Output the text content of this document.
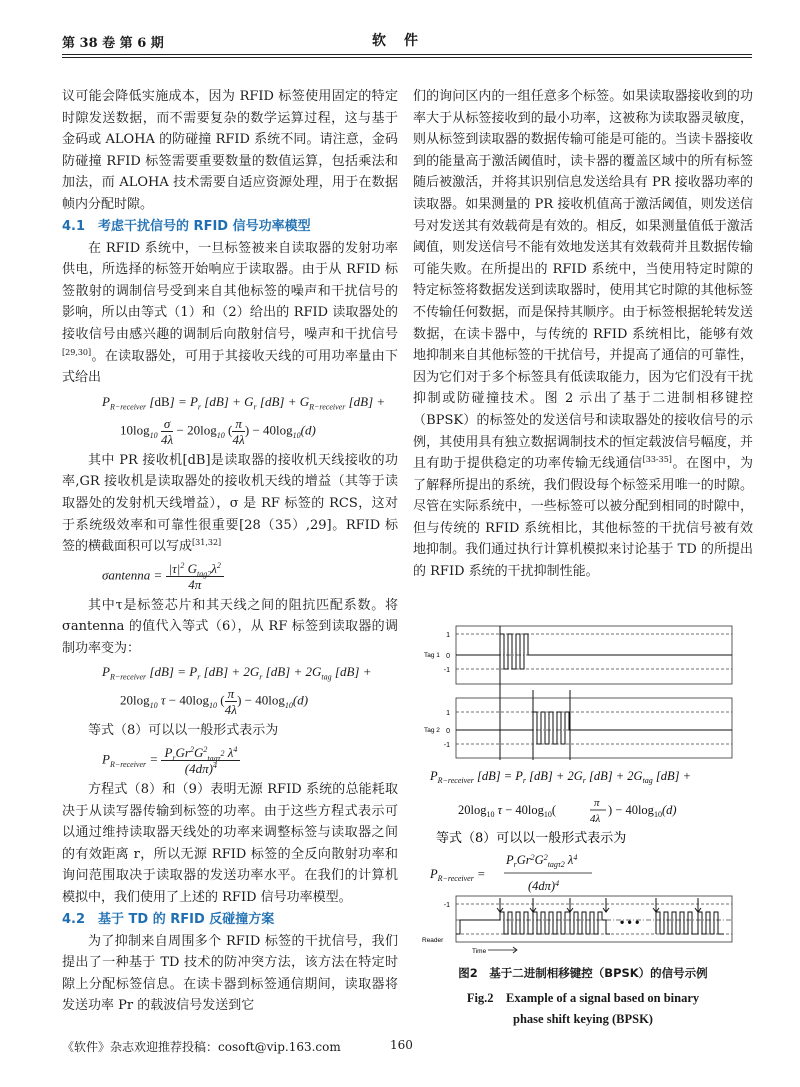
第 38 卷 第 6 期	软件

议可能会降低实施成本，因为 RFID 标签使用固定的特定时隙发送数据，而不需要复杂的数学运算过程，这与基于金码或 ALOHA 的防碰撞 RFID 系统不同。请注意，金码防碰撞 RFID 标签需要重要数量的数值运算，包括乘法和加法，而 ALOHA 技术需要自适应资源处理，用于在数据帧内分配时隙。

4.1　考虑干扰信号的 RFID 信号功率模型

在 RFID 系统中，一旦标签被来自读取器的发射功率供电，所选择的标签开始响应于读取器。由于从 RFID 标签散射的调制信号受到来自其他标签的噪声和干扰信号的影响，所以由等式（1）和（2）给出的 RFID 读取器处的接收信号由感兴趣的调制后向散射信号，噪声和干扰信号[29,30]。在读取器处，可用于其接收天线的可用功率量由下式给出

$P_{R-receiver}$ $[dB] = P_r$ $[dB] + G_r$ $[dB] + G_{R-receiver}$ [dB] +
$10\log_{10} \frac{\sigma}{4\lambda} - 20\log_{10}$ ( $\frac{\pi}{4\lambda}$ ) − $40\log_{10}(d)$

其中 PR 接收机[dB]是读取器的接收机天线接收的功率,GR 接收机是读取器处的接收机天线的增益（其等于读取器处的发射机天线增益），σ 是 RF 标签的 RCS，这对于系统级效率和可靠性很重要[28（35）,29]。RFID 标签的横截面积可以写成[31,32]

σantenna = $\frac{|\tau|^2 G_{tag2}\lambda^2}{4\pi}$

其中τ是标签芯片和其天线之间的阻抗匹配系数。将σantenna 的值代入等式（6），从 RF 标签到读取器的调制功率变为：

$P_{R-receiver}$ $[dB] = P_r$ $[dB] + 2G_r$ $[dB] + 2G_{tag}$ [dB] +
$20\log_{10}$ $\tau - 40\log_{10}$ ( $\frac{\pi}{4\lambda}$ ) − $40\log_{10}(d)$

等式（8）可以以一般形式表示为

$P_{R-receiver} = \frac{P_rGr^2G^2_{tag\tau^2} \lambda^4}{(4d\pi)^4}$

方程式（8）和（9）表明无源 RFID 系统的总能耗取决于从读写器传输到标签的功率。由于这些方程式表示可以通过维持读取器天线处的功率来调整标签与读取器之间的有效距离 r，所以无源 RFID 标签的全反向散射功率和询问范围取决于读取器的发送功率水平。在我们的计算机模拟中，我们使用了上述的 RFID 信号功率模型。

4.2　基于 TD 的 RFID 反碰撞方案

为了抑制来自周围多个 RFID 标签的干扰信号，我们提出了一种基于 TD 技术的防冲突方法，该方法在特定时隙上分配标签信息。在读卡器到标签通信期间，读取器将发送功率 Pr 的载波信号发送到它

们的询问区内的一组任意多个标签。如果读取器接收到的功率大于从标签接收到的最小功率，这被称为读取器灵敏度，则从标签到读取器的数据传输可能是可能的。当读卡器接收到的能量高于激活阈值时，读卡器的覆盖区域中的所有标签随后被激活，并将其识别信息发送给具有 PR 接收器功率的读取器。如果测量的 PR 接收机值高于激活阈值，则发送信号对发送其有效载荷是有效的。相反，如果测量值低于激活阈值，则发送信号不能有效地发送其有效载荷并且数据传输可能失败。在所提出的 RFID 系统中，当使用特定时隙的特定标签将数据发送到读取器时，使用其它时隙的其他标签不传输任何数据，而是保持其顺序。由于标签根据轮转发送数据，在读卡器中，与传统的 RFID 系统相比，能够有效地抑制来自其他标签的干扰信号，并提高了通信的可靠性，因为它们对于多个标签具有低读取能力，因为它们没有干扰抑制或防碰撞技术。图 2 示出了基于二进制相移键控（BPSK）的标签处的发送信号和读取器处的接收信号的示例，其使用具有独立数据调制技术的恒定载波信号幅度，并且有助于提供稳定的功率传输无线通信[33-35]。在图中，为了解释所提出的系统，我们假设每个标签采用唯一的时隙。尽管在实际系统中，一些标签可以被分配到相同的时隙中，但与传统的 RFID 系统相比，其他标签的干扰信号被有效地抑制。我们通过执行计算机模拟来讨论基于 TD 的所提出的 RFID 系统的干扰抑制性能。

1
0
-1
Tag 1
1
0
-1
Tag 2
$P_{R-receiver}$ $[dB] = P_r$ $[dB] + 2G_r$ $[dB] + 2G_{tag}$ [dB] +
$20\log_{10}$ $\tau - 40\log_{10}$(	π
4λ
) − $40\log_{10}(d)$
等式（8）可以以一般形式表示为
$P_{R-receiver}$ =
$P_rGr^2G^2_{tag\tau 2}$ $\lambda^4$
$(4d\pi)^4$
-1
Reader
• • •
Time
图2　基于二进制相移键控（BPSK）的信号示例
Fig.2　Example of a signal based on binary
phase shift keying (BPSK)
《软件》杂志欢迎推荐投稿：cosoft@vip.163.com	160
